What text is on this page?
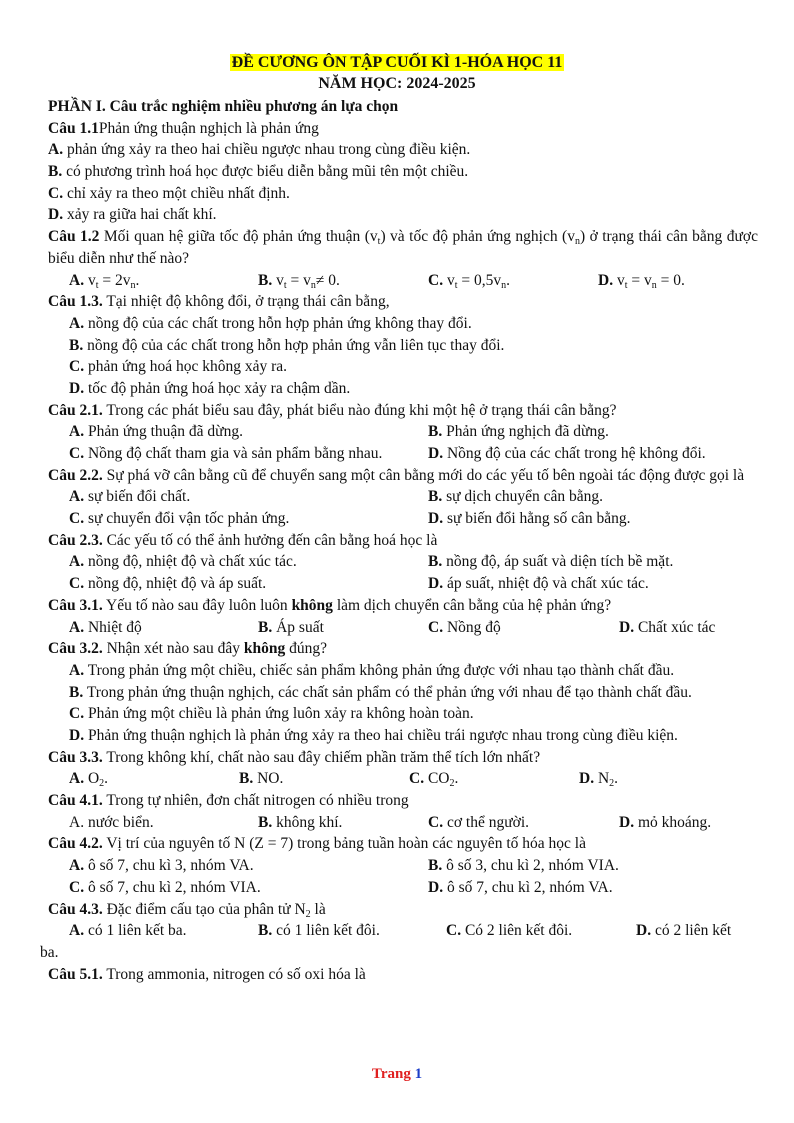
ĐỀ CƯƠNG ÔN TẬP CUỐI KÌ 1-HÓA HỌC 11
NĂM HỌC: 2024-2025
PHẦN I. Câu trắc nghiệm nhiều phương án lựa chọn
Câu 1.1Phản ứng thuận nghịch là phản ứng
A. phản ứng xảy ra theo hai chiều ngược nhau trong cùng điều kiện.
B. có phương trình hoá học được biểu diễn bằng mũi tên một chiều.
C. chỉ xảy ra theo một chiều nhất định.
D. xảy ra giữa hai chất khí.
Câu 1.2 Mối quan hệ giữa tốc độ phản ứng thuận $(v_t)$ và tốc độ phản ứng nghịch $(v_n)$ ở trạng thái cân bằng được biểu diễn như thế nào?
A. $v_t = 2v_n$.	B. $v_t = v_n\ne 0$.	C. $v_t = 0,5v_n$.	D. $v_t = v_n = 0$.
Câu 1.3. Tại nhiệt độ không đổi, ở trạng thái cân bằng,
A. nồng độ của các chất trong hỗn hợp phản ứng không thay đổi.
B. nồng độ của các chất trong hỗn hợp phản ứng vẫn liên tục thay đổi.
C. phản ứng hoá học không xảy ra.
D. tốc độ phản ứng hoá học xảy ra chậm dần.
Câu 2.1. Trong các phát biểu sau đây, phát biểu nào đúng khi một hệ ở trạng thái cân bằng?
A. Phản ứng thuận đã dừng.	B. Phản ứng nghịch đã dừng.
C. Nồng độ chất tham gia và sản phẩm bằng nhau.	D. Nồng độ của các chất trong hệ không đổi.
Câu 2.2. Sự phá vỡ cân bằng cũ để chuyển sang một cân bằng mới do các yếu tố bên ngoài tác động được gọi là
A. sự biến đổi chất.	B. sự dịch chuyển cân bằng.
C. sự chuyển đổi vận tốc phản ứng.	D. sự biến đổi hằng số cân bằng.
Câu 2.3. Các yếu tố có thể ảnh hưởng đến cân bằng hoá học là
A. nồng độ, nhiệt độ và chất xúc tác.	B. nồng độ, áp suất và diện tích bề mặt.
C. nồng độ, nhiệt độ và áp suất.	D. áp suất, nhiệt độ và chất xúc tác.
Câu 3.1. Yếu tố nào sau đây luôn luôn không làm dịch chuyển cân bằng của hệ phản ứng?
A. Nhiệt độ	B. Áp suất	C. Nồng độ	D. Chất xúc tác
Câu 3.2. Nhận xét nào sau đây không đúng?
A. Trong phản ứng một chiều, chiếc sản phẩm không phản ứng được với nhau tạo thành chất đầu.
B. Trong phản ứng thuận nghịch, các chất sản phẩm có thể phản ứng với nhau để tạo thành chất đầu.
C. Phản ứng một chiều là phản ứng luôn xảy ra không hoàn toàn.
D. Phản ứng thuận nghịch là phản ứng xảy ra theo hai chiều trái ngược nhau trong cùng điều kiện.
Câu 3.3. Trong không khí, chất nào sau đây chiếm phần trăm thể tích lớn nhất?
A. $O_2$.	B. NO.	C. $CO_2$.	D. $N_2$.
Câu 4.1. Trong tự nhiên, đơn chất nitrogen có nhiều trong
A. nước biển.	B. không khí.	C. cơ thể người.	D. mỏ khoáng.
Câu 4.2. Vị trí của nguyên tố N (Z = 7) trong bảng tuần hoàn các nguyên tố hóa học là
A. ô số 7, chu kì 3, nhóm VA.	B. ô số 3, chu kì 2, nhóm VIA.
C. ô số 7, chu kì 2, nhóm VIA.	D. ô số 7, chu kì 2, nhóm VA.
Câu 4.3. Đặc điểm cấu tạo của phân tử $N_2$ là
A. có 1 liên kết ba.	B. có 1 liên kết đôi.	C. Có 2 liên kết đôi.	D. có 2 liên kết
ba.
Câu 5.1. Trong ammonia, nitrogen có số oxi hóa là
Trang 1
